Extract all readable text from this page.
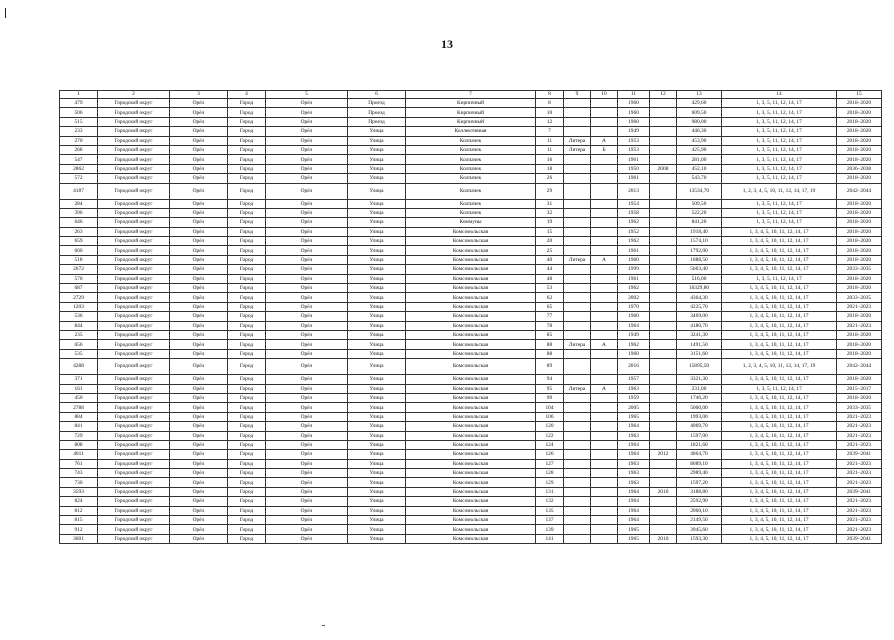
13
1	2	3	4	5	6	7	8	9	10	11	12	13	14	15
479	Городской округ	Орёл	Город	Орёл	Проезд	Кирпичный	8			1960		429,60	1, 3, 5, 11, 12, 14, 17	2018–2020
506	Городской округ	Орёл	Город	Орёл	Проезд	Кирпичный	10			1960		609,50	1, 3, 5, 11, 12, 14, 17	2018–2020
515	Городской округ	Орёл	Город	Орёл	Проезд	Кирпичный	12			1960		980,00	1, 3, 5, 11, 12, 14, 17	2018–2020
233	Городской округ	Орёл	Город	Орёл	Улица	Коллективная	7			1949		446,30	1, 3, 5, 11, 12, 14, 17	2018–2020
270	Городской округ	Орёл	Город	Орёл	Улица	Колпачек	11	Литера	А	1953		453,90	1, 3, 5, 11, 12, 14, 17	2018–2020
268	Городской округ	Орёл	Город	Орёл	Улица	Колпачек	11	Литера	Б	1953		425,90	1, 3, 5, 11, 12, 14, 17	2018–2020
547	Городской округ	Орёл	Город	Орёл	Улица	Колпачек	16			1961		281,00	1, 3, 5, 11, 12, 14, 17	2018–2020
2862	Городской округ	Орёл	Город	Орёл	Улица	Колпачек	18			1950	2008	452,10	1, 3, 5, 11, 12, 14, 17	2036–2038
572	Городской округ	Орёл	Город	Орёл	Улица	Колпачек	26			1961		543,70	1, 3, 5, 11, 12, 14, 17	2018–2020
4187	Городской округ	Орёл	Город	Орёл	Улица	Колпачек	29			2013		13534,70	1, 2, 3, 4, 5, 10, 11, 12, 14, 17, 19	2042–2044
284	Городской округ	Орёл	Город	Орёл	Улица	Колпачек	31			1954		509,50	1, 3, 5, 11, 12, 14, 17	2018–2020
396	Городской округ	Орёл	Город	Орёл	Улица	Колпачек	32			1958		522,20	1, 3, 5, 11, 12, 14, 17	2018–2020
646	Городской округ	Орёл	Город	Орёл	Улица	Коммуны	19			1962		841,20	1, 3, 5, 11, 12, 14, 17	2018–2020
263	Городской округ	Орёл	Город	Орёл	Улица	Комсомольская	15			1952		1918,40	1, 3, 4, 5, 10, 11, 12, 14, 17	2018–2020
659	Городской округ	Орёл	Город	Орёл	Улица	Комсомольская	20			1962		1574,10	1, 3, 4, 5, 10, 11, 12, 14, 17	2018–2020
600	Городской округ	Орёл	Город	Орёл	Улица	Комсомольская	25			1961		1792,00	1, 3, 4, 5, 10, 11, 12, 14, 17	2018–2020
518	Городской округ	Орёл	Город	Орёл	Улица	Комсомольская	40	Литера	А	1960		1088,50	1, 3, 4, 5, 10, 11, 12, 14, 17	2018–2020
2672	Городской округ	Орёл	Город	Орёл	Улица	Комсомольская	44			1999		5663,40	1, 3, 4, 5, 10, 11, 12, 14, 17	2033–2035
570	Городской округ	Орёл	Город	Орёл	Улица	Комсомольская	48			1961		516,00	1, 3, 5, 11, 12, 14, 17	2018–2020
687	Городской округ	Орёл	Город	Орёл	Улица	Комсомольская	53			1962		10329,80	1, 3, 4, 5, 10, 11, 12, 14, 17	2018–2020
2729	Городской округ	Орёл	Город	Орёл	Улица	Комсомольская	62			2002		4364,30	1, 3, 4, 5, 10, 11, 12, 14, 17	2033–2035
1203	Городской округ	Орёл	Город	Орёл	Улица	Комсомольская	65			1970		4225,70	1, 3, 4, 5, 10, 11, 12, 14, 17	2021–2023
536	Городской округ	Орёл	Город	Орёл	Улица	Комсомольская	77			1960		3469,00	1, 3, 4, 5, 10, 11, 12, 14, 17	2018–2020
844	Городской округ	Орёл	Город	Орёл	Улица	Комсомольская	78			1964		4180,70	1, 3, 4, 5, 10, 11, 12, 14, 17	2021–2023
235	Городской округ	Орёл	Город	Орёл	Улица	Комсомольская	85			1949		3241,30	1, 3, 4, 5, 10, 11, 12, 14, 17	2018–2020
656	Городской округ	Орёл	Город	Орёл	Улица	Комсомольская	88	Литера	А	1962		1491,50	1, 3, 4, 5, 10, 11, 12, 14, 17	2018–2020
535	Городской округ	Орёл	Город	Орёл	Улица	Комсомольская	88			1960		3151,60	1, 3, 4, 5, 10, 11, 12, 14, 17	2018–2020
4288	Городской округ	Орёл	Город	Орёл	Улица	Комсомольская	89			2016		15895,50	1, 2, 3, 4, 5, 10, 11, 12, 14, 17, 19	2042–2044
371	Городской округ	Орёл	Город	Орёл	Улица	Комсомольская	94			1957		3321,30	1, 3, 4, 5, 10, 11, 12, 14, 17	2018–2020
161	Городской округ	Орёл	Город	Орёл	Улица	Комсомольская	95	Литера	А	1963		231,00	1, 3, 5, 11, 12, 14, 17	2015–2017
450	Городской округ	Орёл	Город	Орёл	Улица	Комсомольская	99			1959		1746,20	1, 3, 4, 5, 10, 11, 12, 14, 17	2018–2020
2788	Городской округ	Орёл	Город	Орёл	Улица	Комсомольская	104			2005		5000,00	1, 3, 4, 5, 10, 11, 12, 14, 17	2033–2035
884	Городской округ	Орёл	Город	Орёл	Улица	Комсомольская	106			1965		1993,00	1, 3, 4, 5, 10, 11, 12, 14, 17	2021–2023
841	Городской округ	Орёл	Город	Орёл	Улица	Комсомольская	120			1964		4069,70	1, 3, 4, 5, 10, 11, 12, 14, 17	2021–2023
729	Городской округ	Орёл	Город	Орёл	Улица	Комсомольская	122			1963		1597,00	1, 3, 4, 5, 10, 11, 12, 14, 17	2021–2023
808	Городской округ	Орёл	Город	Орёл	Улица	Комсомольская	124			1964		1821,60	1, 3, 4, 5, 10, 11, 12, 14, 17	2021–2023
4011	Городской округ	Орёл	Город	Орёл	Улица	Комсомольская	126			1964	2012	4064,70	1, 3, 4, 5, 10, 11, 12, 14, 17	2039–2041
761	Городской округ	Орёл	Город	Орёл	Улица	Комсомольская	127			1963		8089,10	1, 3, 4, 5, 10, 11, 12, 14, 17	2021–2023
743	Городской округ	Орёл	Город	Орёл	Улица	Комсомольская	128			1963		2989,40	1, 3, 4, 5, 10, 11, 12, 14, 17	2021–2023
730	Городской округ	Орёл	Город	Орёл	Улица	Комсомольская	129			1963		1597,20	1, 3, 4, 5, 10, 11, 12, 14, 17	2021–2023
3593	Городской округ	Орёл	Город	Орёл	Улица	Комсомольская	131			1964	2010	3188,80	1, 3, 4, 5, 10, 11, 12, 14, 17	2039–2041
824	Городской округ	Орёл	Город	Орёл	Улица	Комсомольская	132			1964		2592,90	1, 3, 4, 5, 10, 11, 12, 14, 17	2021–2023
812	Городской округ	Орёл	Город	Орёл	Улица	Комсомольская	135			1964		2060,10	1, 3, 4, 5, 10, 11, 12, 14, 17	2021–2023
815	Городской округ	Орёл	Город	Орёл	Улица	Комсомольская	137			1964		2149,50	1, 3, 4, 5, 10, 11, 12, 14, 17	2021–2023
912	Городской округ	Орёл	Город	Орёл	Улица	Комсомольская	139			1965		3945,60	1, 3, 4, 5, 10, 11, 12, 14, 17	2021–2023
3601	Городской округ	Орёл	Город	Орёл	Улица	Комсомольская	141			1965	2010	1593,30	1, 3, 4, 5, 10, 11, 12, 14, 17	2039–2041
